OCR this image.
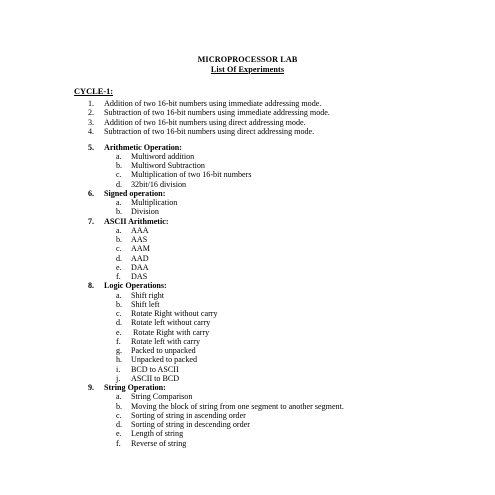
MICROPROCESSOR LAB
List Of Experiments
CYCLE-1:
1. Addition of two 16-bit numbers using immediate addressing mode.
2. Subtraction of two 16-bit numbers using immediate addressing mode.
3. Addition of two 16-bit numbers using direct addressing mode.
4. Subtraction of two 16-bit numbers using direct addressing mode.
5. Arithmetic Operation:
a. Multiword addition
b. Multiword Subtraction
c. Multiplication of two 16-bit numbers
d. 32bit/16 division
6. Signed operation:
a. Multiplication
b. Division
7. ASCII Arithmetic:
a. AAA
b. AAS
c. AAM
d. AAD
e. DAA
f. DAS
8. Logic Operations:
a. Shift right
b. Shift left
c. Rotate Right without carry
d. Rotate left without carry
e. Rotate Right with carry
f. Rotate left with carry
g. Packed to unpacked
h. Unpacked to packed
i. BCD to ASCII
j. ASCII to BCD
9. String Operation:
a. String Comparison
b. Moving the block of string from one segment to another segment.
c. Sorting of string in ascending order
d. Sorting of string in descending order
e. Length of string
f. Reverse of string
